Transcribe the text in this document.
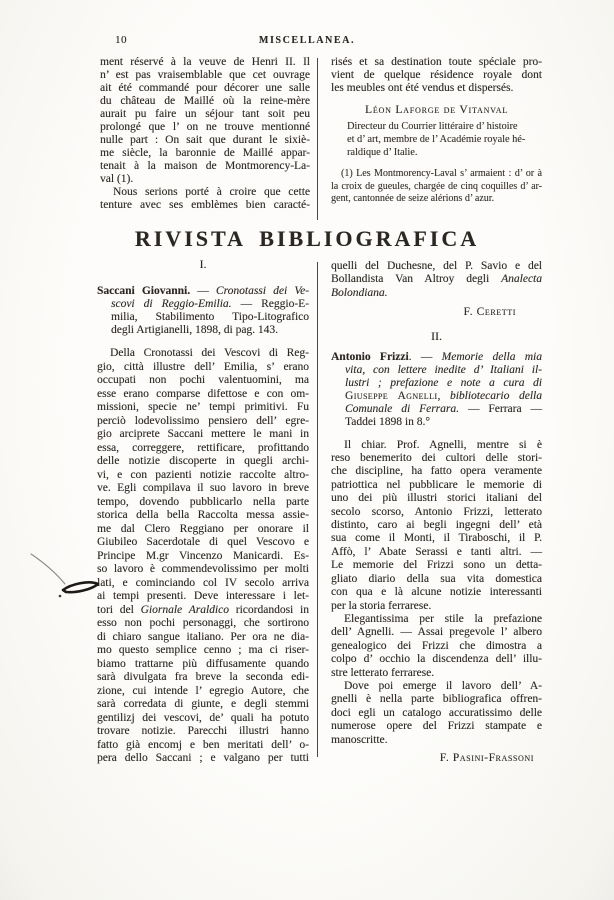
10	MISCELLANEA.
ment réservé à la veuve de Henri II. Il
n’ est pas vraisemblable que cet ouvrage
ait été commandé pour décorer une salle
du château de Maillé où la reine-mère
aurait pu faire un séjour tant soit peu
prolongé que l’ on ne trouve mentionné
nulle part : On sait que durant le sixiè-
me siècle, la baronnie de Maillé appar-
tenait à la maison de Montmorency-La-
val (1).
Nous serions porté à croire que cette
tenture avec ses emblèmes bien caracté-
risés et sa destination toute spéciale pro-
vient de quelque résidence royale dont
les meubles ont été vendus et dispersés.
Léon Laforge de Vitanval
Directeur du Courrier littéraire d’ histoire
et d’ art, membre de l’ Académie royale hé-
raldique d’ Italie.
(1) Les Montmorency-Laval s’ armaient : d’ or à
la croix de gueules, chargée de cinq coquilles d’ ar-
gent, cantonnée de seize alérions d’ azur.
RIVISTA BIBLIOGRAFICA
I.
Saccani Giovanni. — Cronotassi dei Ve-
scovi di Reggio-Emilia. — Reggio-E-
milia, Stabilimento Tipo-Litografico
degli Artigianelli, 1898, di pag. 143.
Della Cronotassi dei Vescovi di Reg-
gio, città illustre dell’ Emilia, s’ erano
occupati non pochi valentuomini, ma
esse erano comparse difettose e con om-
missioni, specie ne’ tempi primitivi. Fu
perciò lodevolissimo pensiero dell’ egre-
gio arciprete Saccani mettere le mani in
essa, correggere, rettificare, profittando
delle notizie discoperte in quegli archi-
vi, e con pazienti notizie raccolte altro-
ve. Egli compilava il suo lavoro in breve
tempo, dovendo pubblicarlo nella parte
storica della bella Raccolta messa assie-
me dal Clero Reggiano per onorare il
Giubileo Sacerdotale di quel Vescovo e
Principe M.gr Vincenzo Manicardi. Es-
so lavoro è commendevolissimo per molti
lati, e cominciando col IV secolo arriva
ai tempi presenti. Deve interessare i let-
tori del Giornale Araldico ricordandosi in
esso non pochi personaggi, che sortirono
di chiaro sangue italiano. Per ora ne dia-
mo questo semplice cenno ; ma ci riser-
biamo trattarne più diffusamente quando
sarà divulgata fra breve la seconda edi-
zione, cui intende l’ egregio Autore, che
sarà corredata di giunte, e degli stemmi
gentilizj dei vescovi, de’ quali ha potuto
trovare notizie. Parecchi illustri hanno
fatto già encomj e ben meritati dell’ o-
pera dello Saccani ; e valgano per tutti
quelli del Duchesne, del P. Savio e del
Bollandista Van Altroy degli Analecta
Bolondiana.
F. Ceretti
II.
Antonio Frizzi. — Memorie della mia
vita, con lettere inedite d’ Italiani il-
lustri ; prefazione e note a cura di
Giuseppe Agnelli, bibliotecario della
Comunale di Ferrara. — Ferrara —
Taddei 1898 in 8.°
Il chiar. Prof. Agnelli, mentre si è
reso benemerito dei cultori delle stori-
che discipline, ha fatto opera veramente
patriottica nel pubblicare le memorie di
uno dei più illustri storici italiani del
secolo scorso, Antonio Frizzi, letterato
distinto, caro ai begli ingegni dell’ età
sua come il Monti, il Tiraboschi, il P.
Affò, l’ Abate Serassi e tanti altri. —
Le memorie del Frizzi sono un detta-
gliato diario della sua vita domestica
con qua e là alcune notizie interessanti
per la storia ferrarese.
Elegantissima per stile la prefazione
dell’ Agnelli. — Assai pregevole l’ albero
genealogico dei Frizzi che dimostra a
colpo d’ occhio la discendenza dell’ illu-
stre letterato ferrarese.
Dove poi emerge il lavoro dell’ A-
gnelli è nella parte bibliografica offren-
doci egli un catalogo accuratissimo delle
numerose opere del Frizzi stampate e
manoscritte.
F. Pasini-Frassoni
